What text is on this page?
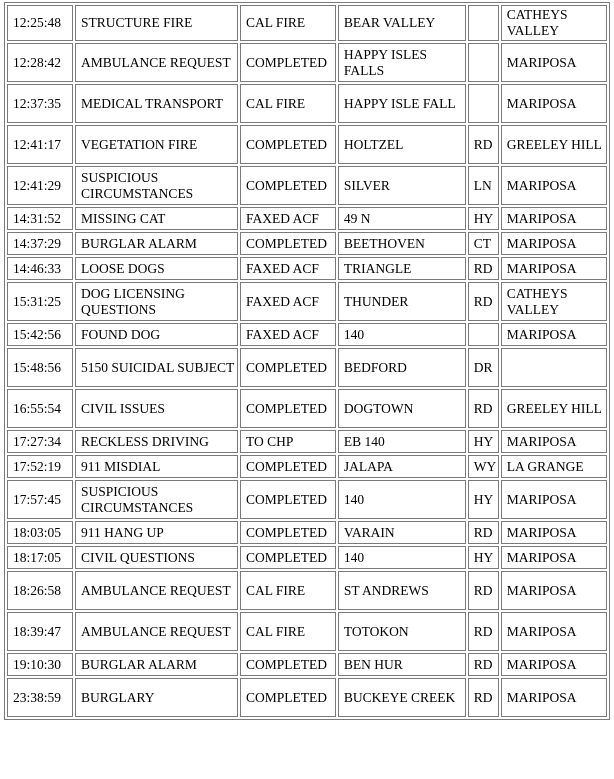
12:25:48	STRUCTURE FIRE	CAL FIRE	BEAR VALLEY		CATHEYS VALLEY
12:28:42	AMBULANCE REQUEST	COMPLETED	HAPPY ISLES FALLS		MARIPOSA
12:37:35	MEDICAL TRANSPORT	CAL FIRE	HAPPY ISLE FALL		MARIPOSA
12:41:17	VEGETATION FIRE	COMPLETED	HOLTZEL	RD	GREELEY HILL
12:41:29	SUSPICIOUS CIRCUMSTANCES	COMPLETED	SILVER	LN	MARIPOSA
14:31:52	MISSING CAT	FAXED ACF	49 N	HY	MARIPOSA
14:37:29	BURGLAR ALARM	COMPLETED	BEETHOVEN	CT	MARIPOSA
14:46:33	LOOSE DOGS	FAXED ACF	TRIANGLE	RD	MARIPOSA
15:31:25	DOG LICENSING QUESTIONS	FAXED ACF	THUNDER	RD	CATHEYS VALLEY
15:42:56	FOUND DOG	FAXED ACF	140		MARIPOSA
15:48:56	5150 SUICIDAL SUBJECT	COMPLETED	BEDFORD	DR	
16:55:54	CIVIL ISSUES	COMPLETED	DOGTOWN	RD	GREELEY HILL
17:27:34	RECKLESS DRIVING	TO CHP	EB 140	HY	MARIPOSA
17:52:19	911 MISDIAL	COMPLETED	JALAPA	WY	LA GRANGE
17:57:45	SUSPICIOUS CIRCUMSTANCES	COMPLETED	140	HY	MARIPOSA
18:03:05	911 HANG UP	COMPLETED	VARAIN	RD	MARIPOSA
18:17:05	CIVIL QUESTIONS	COMPLETED	140	HY	MARIPOSA
18:26:58	AMBULANCE REQUEST	CAL FIRE	ST ANDREWS	RD	MARIPOSA
18:39:47	AMBULANCE REQUEST	CAL FIRE	TOTOKON	RD	MARIPOSA
19:10:30	BURGLAR ALARM	COMPLETED	BEN HUR	RD	MARIPOSA
23:38:59	BURGLARY	COMPLETED	BUCKEYE CREEK	RD	MARIPOSA
